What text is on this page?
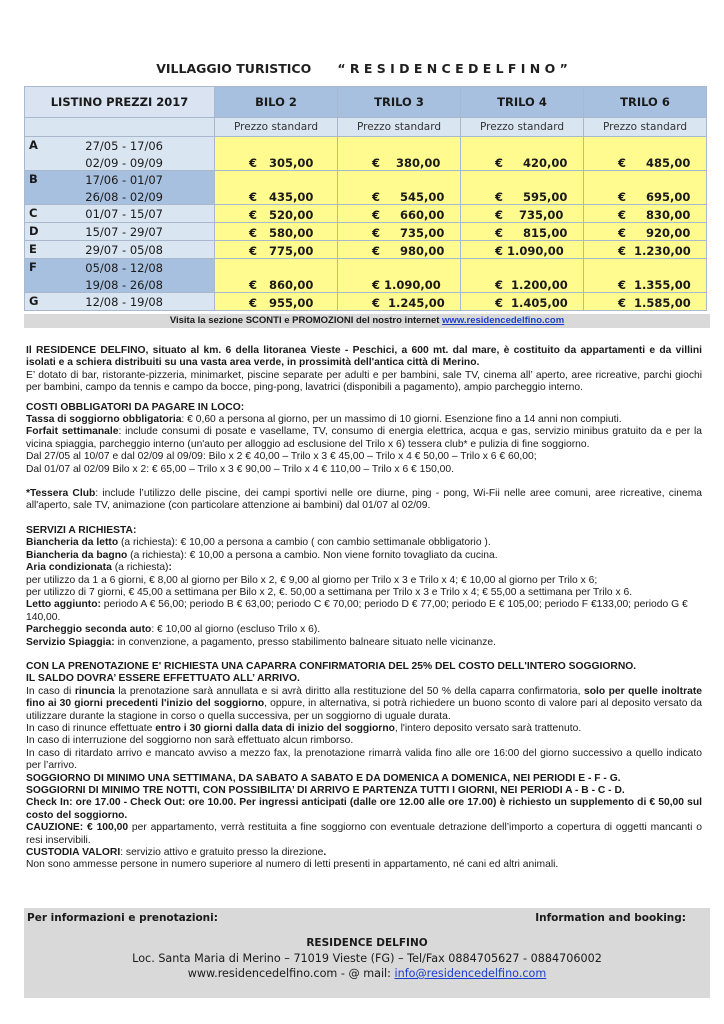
VILLAGGIO TURISTICO “ R E S I D E N C E D E L F I N O ”
LISTINO PREZZI 2017	BILO 2	TRILO 3	TRILO 4	TRILO 6
	Prezzo standard	Prezzo standard	Prezzo standard	Prezzo standard

A 27/05 - 17/06
02/09 - 09/09	€   305,00	€    380,00	€     420,00	€     485,00

B 17/06 - 01/07
26/08 - 02/09	€   435,00	€     545,00	€     595,00	€     695,00

C 01/07 - 15/07	€   520,00	€     660,00	€    735,00	€     830,00

D 15/07 - 29/07	€   580,00	€     735,00	€     815,00	€     920,00

E 29/07 - 05/08	€   775,00	€     980,00	€ 1.090,00	€  1.230,00

F 05/08 - 12/08
19/08 - 26/08	€   860,00	€ 1.090,00	€  1.200,00	€  1.355,00

G 12/08 - 19/08	€   955,00	€  1.245,00	€  1.405,00	€  1.585,00
Visita la sezione SCONTI e PROMOZIONI del nostro internet www.residencedelfino.com

Il RESIDENCE DELFINO, situato al km. 6 della litoranea Vieste - Peschici, a 600 mt. dal mare, è costituito da appartamenti e da villini isolati e a schiera distribuiti su una vasta area verde, in prossimità dell'antica città di Merino.
E’ dotato di bar, ristorante-pizzeria, minimarket, piscine separate per adulti e per bambini, sale TV, cinema all’ aperto, aree ricreative, parchi giochi per bambini, campo da tennis e campo da bocce, ping-pong, lavatrici (disponibili a pagamento), ampio parcheggio interno.

COSTI OBBLIGATORI DA PAGARE IN LOCO:

Tassa di soggiorno obbligatoria: € 0,60 a persona al giorno, per un massimo di 10 giorni. Esenzione fino a 14 anni non compiuti.

Forfait settimanale: include consumi di posate e vasellame, TV, consumo di energia elettrica, acqua e gas, servizio minibus gratuito da e per la vicina spiaggia, parcheggio interno (un'auto per alloggio ad esclusione del Trilo x 6) tessera club* e pulizia di fine soggiorno.

Dal 27/05 al 10/07 e dal 02/09 al 09/09: Bilo x 2 € 40,00 – Trilo x 3 € 45,00 – Trilo x 4 € 50,00 – Trilo x 6 € 60,00;

Dal 01/07 al 02/09 Bilo x 2: € 65,00 – Trilo x 3 € 90,00 – Trilo x 4 € 110,00 – Trilo x 6 € 150,00.

*Tessera Club: include l’utilizzo delle piscine, dei campi sportivi nelle ore diurne, ping - pong, Wi-Fii nelle aree comuni, aree ricreative, cinema all'aperto, sale TV, animazione (con particolare attenzione ai bambini) dal 01/07 al 02/09.

SERVIZI A RICHIESTA:

Biancheria da letto (a richiesta): € 10,00 a persona a cambio ( con cambio settimanale obbligatorio ).

Biancheria da bagno (a richiesta): € 10,00 a persona a cambio. Non viene fornito tovagliato da cucina.

Aria condizionata (a richiesta):

per utilizzo da 1 a 6 giorni, € 8,00 al giorno per Bilo x 2, € 9,00 al giorno per Trilo x 3 e Trilo x 4; € 10,00 al giorno per Trilo x 6;

per utilizzo di 7 giorni, € 45,00 a settimana per Bilo x 2, €. 50,00 a settimana per Trilo x 3 e Trilo x 4; € 55,00 a settimana per Trilo x 6.

Letto aggiunto: periodo A € 56,00; periodo B € 63,00; periodo C € 70,00; periodo D € 77,00; periodo E € 105,00; periodo F €133,00; periodo G € 140,00.

Parcheggio seconda auto: € 10,00 al giorno (escluso Trilo x 6).

Servizio Spiaggia: in convenzione, a pagamento, presso stabilimento balneare situato nelle vicinanze.

CON LA PRENOTAZIONE E' RICHIESTA UNA CAPARRA CONFIRMATORIA DEL 25% DEL COSTO DELL'INTERO SOGGIORNO.

IL SALDO DOVRA’ ESSERE EFFETTUATO ALL’ ARRIVO.

In caso di rinuncia la prenotazione sarà annullata e si avrà diritto alla restituzione del 50 % della caparra confirmatoria, solo per quelle inoltrate fino ai 30 giorni precedenti l'inizio del soggiorno, oppure, in alternativa, si potrà richiedere un buono sconto di valore pari al deposito versato da utilizzare durante la stagione in corso o quella successiva, per un soggiorno di uguale durata.

In caso di rinunce effettuate entro i 30 giorni dalla data di inizio del soggiorno, l'intero deposito versato sarà trattenuto.

In caso di interruzione del soggiorno non sarà effettuato alcun rimborso.

In caso di ritardato arrivo e mancato avviso a mezzo fax, la prenotazione rimarrà valida fino alle ore 16:00 del giorno successivo a quello indicato per l’arrivo.

SOGGIORNO DI MINIMO UNA SETTIMANA, DA SABATO A SABATO E DA DOMENICA A DOMENICA, NEI PERIODI E - F - G.

SOGGIORNI DI MINIMO TRE NOTTI, CON POSSIBILITA’ DI ARRIVO E PARTENZA TUTTI I GIORNI, NEI PERIODI A - B - C - D.

Check In: ore 17.00 - Check Out: ore 10.00. Per ingressi anticipati (dalle ore 12.00 alle ore 17.00) è richiesto un supplemento di € 50,00 sul costo del soggiorno.

CAUZIONE: € 100,00 per appartamento, verrà restituita a fine soggiorno con eventuale detrazione dell’importo a copertura di oggetti mancanti o resi inservibili.

CUSTODIA VALORI: servizio attivo e gratuito presso la direzione.

Non sono ammesse persone in numero superiore al numero di letti presenti in appartamento, né cani ed altri animali.

Per informazioni e prenotazioni:	Information and booking:
RESIDENCE DELFINO
Loc. Santa Maria di Merino – 71019 Vieste (FG) – Tel/Fax 0884705627 - 0884706002
www.residencedelfino.com - @ mail: info@residencedelfino.com
